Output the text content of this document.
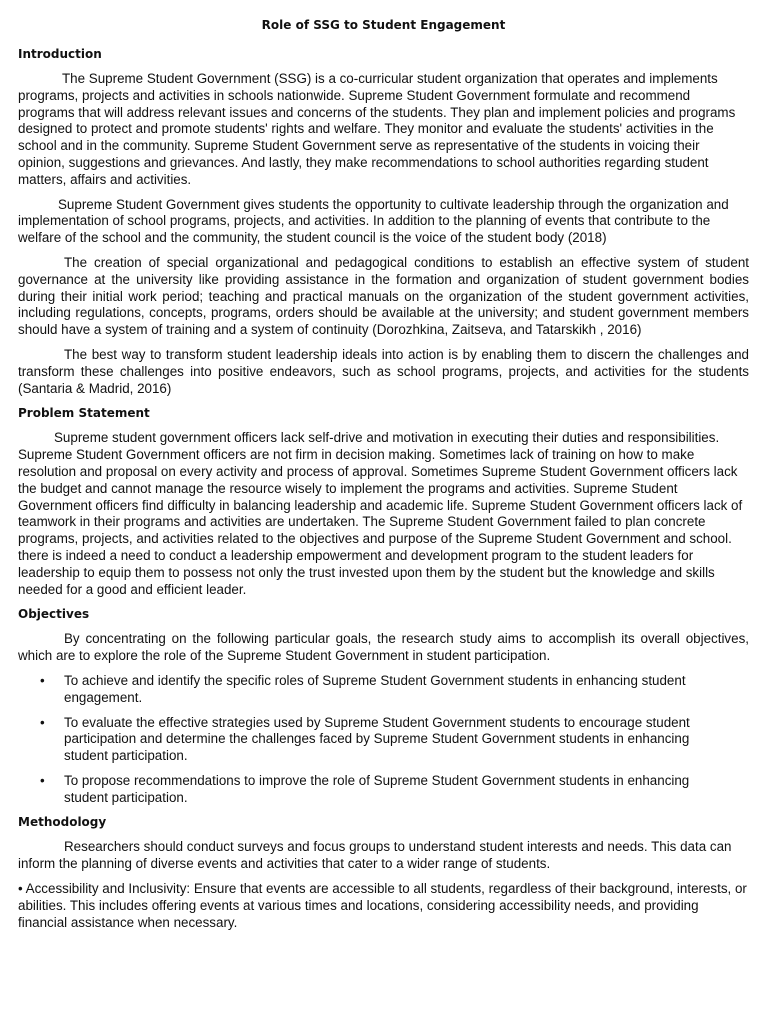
Role of SSG to Student Engagement
Introduction

The Supreme Student Government (SSG) is a co-curricular student organization that operates and implements programs, projects and activities in schools nationwide. Supreme Student Government formulate and recommend programs that will address relevant issues and concerns of the students. They plan and implement policies and programs designed to protect and promote students' rights and welfare. They monitor and evaluate the students' activities in the school and in the community. Supreme Student Government serve as representative of the students in voicing their opinion, suggestions and grievances. And lastly, they make recommendations to school authorities regarding student matters, affairs and activities.

Supreme Student Government gives students the opportunity to cultivate leadership through the organization and implementation of school programs, projects, and activities. In addition to the planning of events that contribute to the welfare of the school and the community, the student council is the voice of the student body (2018)

The creation of special organizational and pedagogical conditions to establish an effective system of student governance at the university like providing assistance in the formation and organization of student government bodies during their initial work period; teaching and practical manuals on the organization of the student government activities, including regulations, concepts, programs, orders should be available at the university; and student government members should have a system of training and a system of continuity (Dorozhkina, Zaitseva, and Tatarskikh , 2016)

The best way to transform student leadership ideals into action is by enabling them to discern the challenges and transform these challenges into positive endeavors, such as school programs, projects, and activities for the students (Santaria & Madrid, 2016)

Problem Statement

Supreme student government officers lack self-drive and motivation in executing their duties and responsibilities. Supreme Student Government officers are not firm in decision making. Sometimes lack of training on how to make resolution and proposal on every activity and process of approval. Sometimes Supreme Student Government officers lack the budget and cannot manage the resource wisely to implement the programs and activities. Supreme Student Government officers find difficulty in balancing leadership and academic life. Supreme Student Government officers lack of teamwork in their programs and activities are undertaken. The Supreme Student Government failed to plan concrete programs, projects, and activities related to the objectives and purpose of the Supreme Student Government and school. there is indeed a need to conduct a leadership empowerment and development program to the student leaders for leadership to equip them to possess not only the trust invested upon them by the student but the knowledge and skills needed for a good and efficient leader.

Objectives

By concentrating on the following particular goals, the research study aims to accomplish its overall objectives, which are to explore the role of the Supreme Student Government in student participation.

• To achieve and identify the specific roles of Supreme Student Government students in enhancing student engagement.
• To evaluate the effective strategies used by Supreme Student Government students to encourage student participation and determine the challenges faced by Supreme Student Government students in enhancing student participation.
• To propose recommendations to improve the role of Supreme Student Government students in enhancing student participation.
Methodology

Researchers should conduct surveys and focus groups to understand student interests and needs. This data can inform the planning of diverse events and activities that cater to a wider range of students.

• Accessibility and Inclusivity: Ensure that events are accessible to all students, regardless of their background, interests, or abilities. This includes offering events at various times and locations, considering accessibility needs, and providing financial assistance when necessary.
